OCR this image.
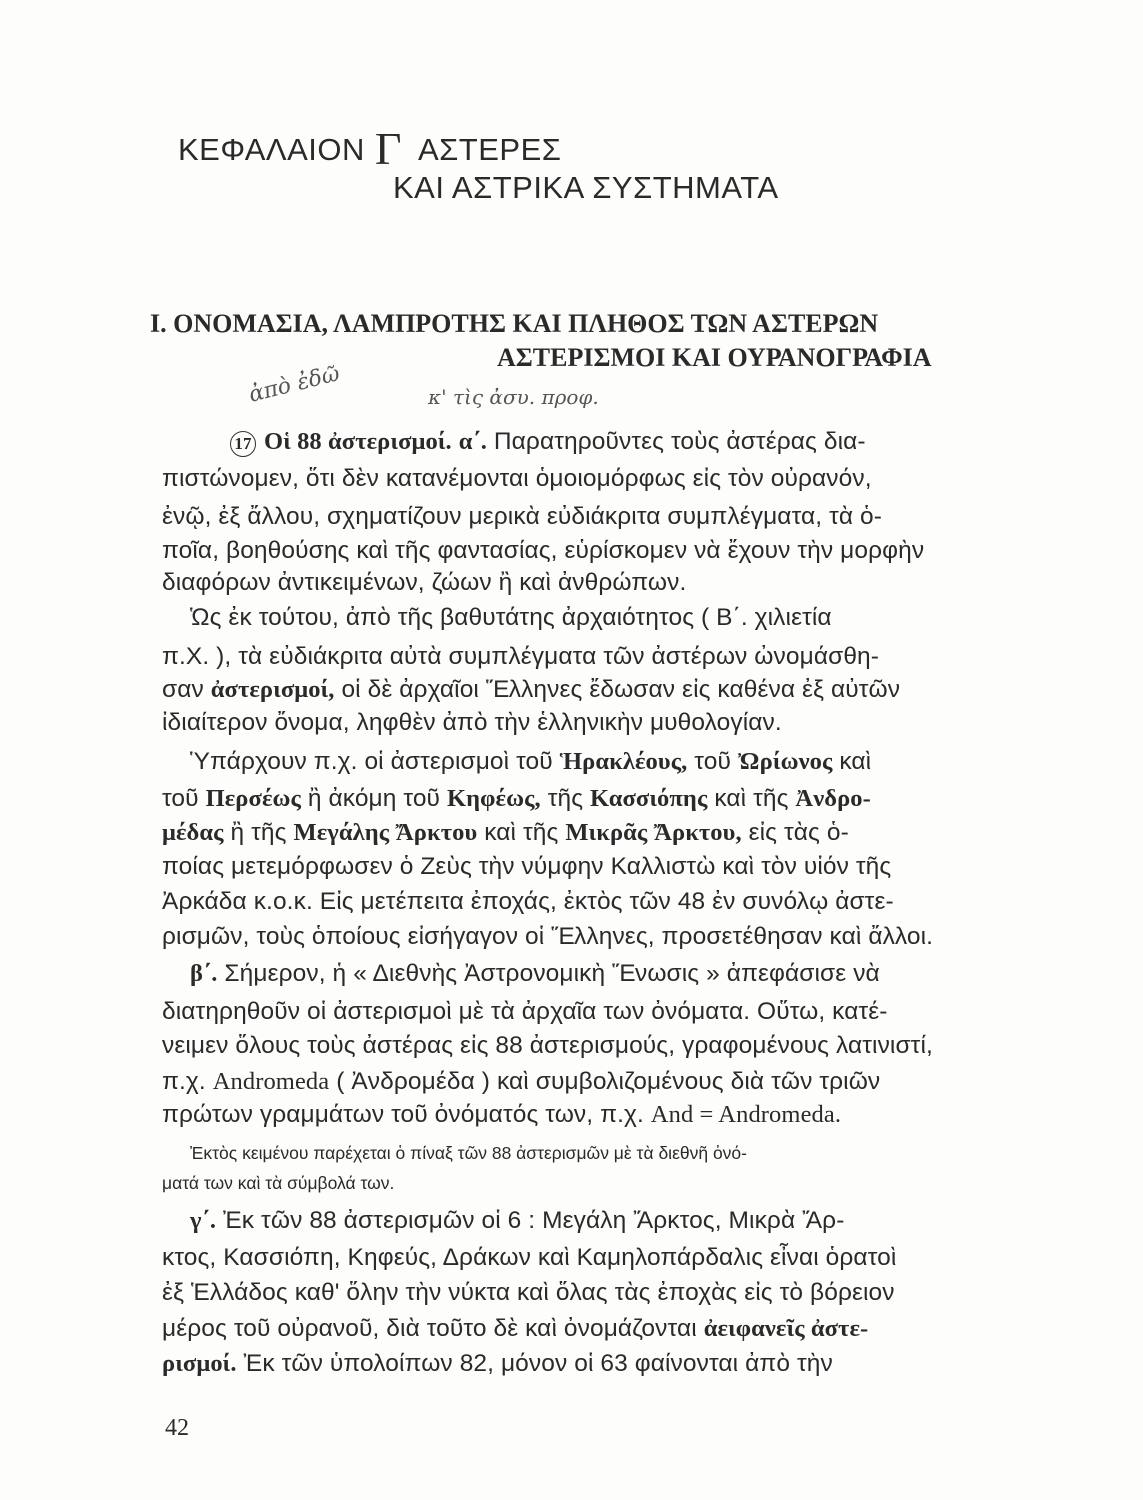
ΚΕΦΑΛΑΙΟΝ Γ ΑΣΤΕΡΕΣ
ΚΑΙ ΑΣΤΡΙΚΑ ΣΥΣΤΗΜΑΤΑ
Ι. ΟΝΟΜΑΣΙΑ, ΛΑΜΠΡΟΤΗΣ ΚΑΙ ΠΛΗΘΟΣ ΤΩΝ ΑΣΤΕΡΩΝ
ΑΣΤΕΡΙΣΜΟΙ ΚΑΙ ΟΥΡΑΝΟΓΡΑΦΙΑ
ἀπὸ ἐδῶ	κ' τὶς ἀσυ. προφ.
17 Οἱ 88 ἀστερισμοί. α΄. Παρατηροῦντες τοὺς ἀστέρας δια-
πιστώνομεν, ὅτι δὲν κατανέμονται ὁμοιομόρφως εἰς τὸν οὐρανόν,
ἐνῷ, ἐξ ἄλλου, σχηματίζουν μερικὰ εὐδιάκριτα συμπλέγματα, τὰ ὁ-
ποῖα, βοηθούσης καὶ τῆς φαντασίας, εὑρίσκομεν νὰ ἔχουν τὴν μορφὴν
διαφόρων ἀντικειμένων, ζώων ἢ καὶ ἀνθρώπων.
Ὡς ἐκ τούτου, ἀπὸ τῆς βαθυτάτης ἀρχαιότητος ( Β΄. χιλιετία
π.Χ. ), τὰ εὐδιάκριτα αὐτὰ συμπλέγματα τῶν ἀστέρων ὠνομάσθη-
σαν ἀστερισμοί, οἱ δὲ ἀρχαῖοι Ἕλληνες ἔδωσαν εἰς καθένα ἐξ αὐτῶν
ἰδιαίτερον ὄνομα, ληφθὲν ἀπὸ τὴν ἑλληνικὴν μυθολογίαν.
Ὑπάρχουν π.χ. οἱ ἀστερισμοὶ τοῦ Ἡρακλέους, τοῦ Ὠρίωνος καὶ
τοῦ Περσέως ἢ ἀκόμη τοῦ Κηφέως, τῆς Κασσιόπης καὶ τῆς Ἀνδρο-
μέδας ἢ τῆς Μεγάλης Ἄρκτου καὶ τῆς Μικρᾶς Ἄρκτου, εἰς τὰς ὁ-
ποίας μετεμόρφωσεν ὁ Ζεὺς τὴν νύμφην Καλλιστὼ καὶ τὸν υἱόν τῆς
Ἀρκάδα κ.ο.κ. Εἰς μετέπειτα ἐποχάς, ἐκτὸς τῶν 48 ἐν συνόλῳ ἀστε-
ρισμῶν, τοὺς ὁποίους εἰσήγαγον οἱ Ἕλληνες, προσετέθησαν καὶ ἄλλοι.
β΄. Σήμερον, ἡ « Διεθνὴς Ἀστρονομικὴ Ἕνωσις » ἀπεφάσισε νὰ
διατηρηθοῦν οἱ ἀστερισμοὶ μὲ τὰ ἀρχαῖα των ὀνόματα. Οὕτω, κατέ-
νειμεν ὅλους τοὺς ἀστέρας εἰς 88 ἀστερισμούς, γραφομένους λατινιστί,
π.χ. Andromeda ( Ἀνδρομέδα ) καὶ συμβολιζομένους διὰ τῶν τριῶν
πρώτων γραμμάτων τοῦ ὀνόματός των, π.χ. And = Andromeda.
Ἐκτὸς κειμένου παρέχεται ὁ πίναξ τῶν 88 ἀστερισμῶν μὲ τὰ διεθνῆ ὀνό-
ματά των καὶ τὰ σύμβολά των.
γ΄. Ἐκ τῶν 88 ἀστερισμῶν οἱ 6 : Μεγάλη Ἄρκτος, Μικρὰ Ἄρ-
κτος, Κασσιόπη, Κηφεύς, Δράκων καὶ Καμηλοπάρδαλις εἶναι ὁρατοὶ
ἐξ Ἑλλάδος καθ' ὅλην τὴν νύκτα καὶ ὅλας τὰς ἐποχὰς εἰς τὸ βόρειον
μέρος τοῦ οὐρανοῦ, διὰ τοῦτο δὲ καὶ ὀνομάζονται ἀειφανεῖς ἀστε-
ρισμοί. Ἐκ τῶν ὑπολοίπων 82, μόνον οἱ 63 φαίνονται ἀπὸ τὴν
42
